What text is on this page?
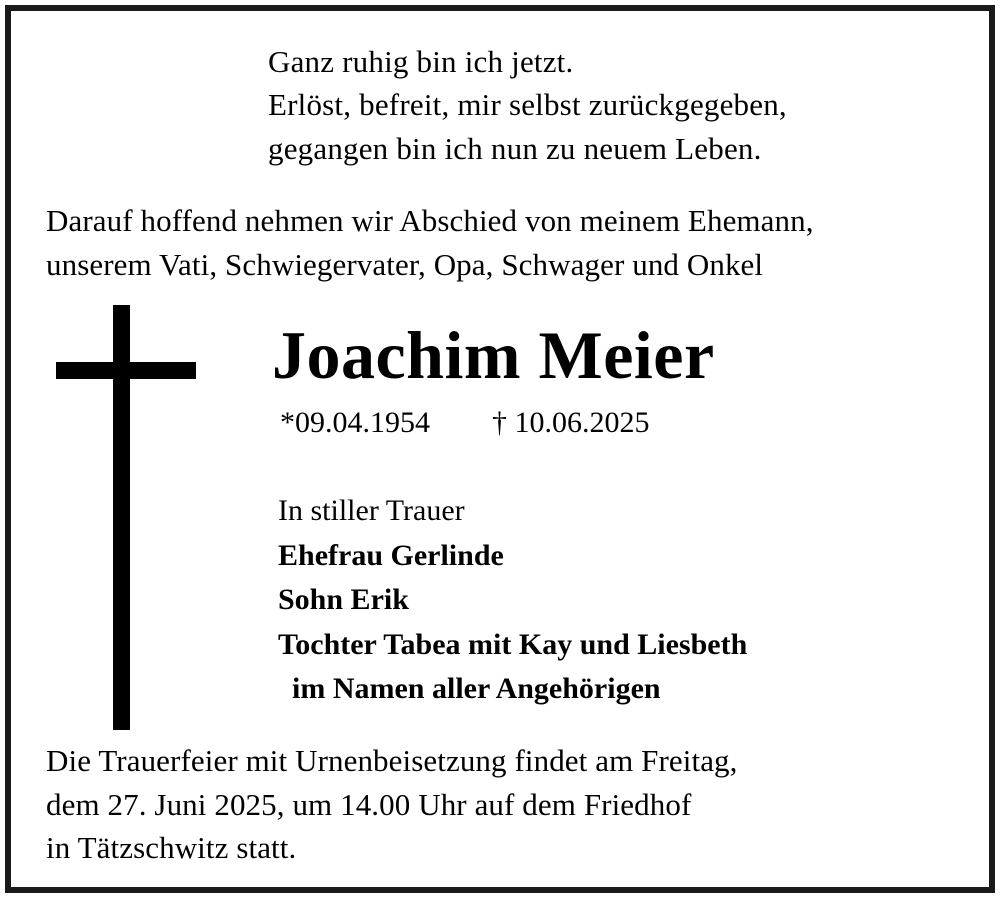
Ganz ruhig bin ich jetzt.
Erlöst, befreit, mir selbst zurückgegeben,
gegangen bin ich nun zu neuem Leben.
Darauf hoffend nehmen wir Abschied von meinem Ehemann,
unserem Vati, Schwiegervater, Opa, Schwager und Onkel
Joachim Meier
*09.04.1954 † 10.06.2025
In stiller Trauer
Ehefrau Gerlinde
Sohn Erik
Tochter Tabea mit Kay und Liesbeth
im Namen aller Angehörigen
Die Trauerfeier mit Urnenbeisetzung findet am Freitag,
dem 27. Juni 2025, um 14.00 Uhr auf dem Friedhof
in Tätzschwitz statt.
